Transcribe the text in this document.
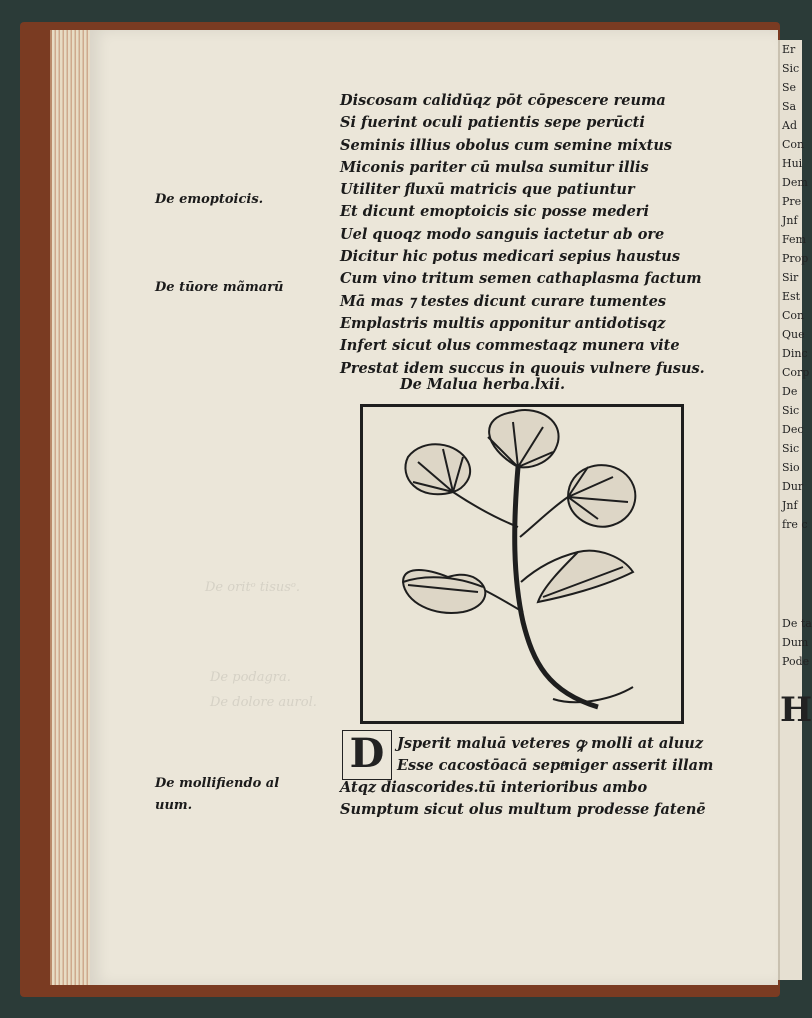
Er
Sic
Se
Sa
Ad
Con
Hui
Dem
Pre
Jnf
Fem
Prop
Sir
Est
Con
Que
Dinc
Corp
De
Sic
Dec
Sic
Sio
Dur
Jnf
fre c
De ta
Dum
Pode
H
De oritᵒ tisusᵒ.
De podagra.
De dolore aurol.
Discosam calidūqz pōt cōpescere reuma
Si fuerint oculi patientis sepe perūcti
Seminis illius obolus cum semine mixtus
Miconis pariter cū mulsa sumitur illis
Utiliter fluxū matricis que patiuntur
Et dicunt emoptoicis sic posse mederi
Uel quoqz modo sanguis iactetur ab ore
Dicitur hic potus medicari sepius haustus
Cum vino tritum semen cathaplasma factum
Mā mas ⁊ testes dicunt curare tumentes
Emplastris multis apponitur antidotisqz
Infert sicut olus commestaqz munera vite
Prestat idem succus in quouis vulnere fusus.
De Malua herba.lxii.
De emoptoicis.
De tūore mãmarū
De mollifiendo al
uum.
D Jsperit maluā veteres ꝙ molli at aluuz
Esse cacostōacā septͦniger asserit illam
Atqz diascorides.tū interioribus ambo
Sumptum sicut olus multum prodesse fatenē
